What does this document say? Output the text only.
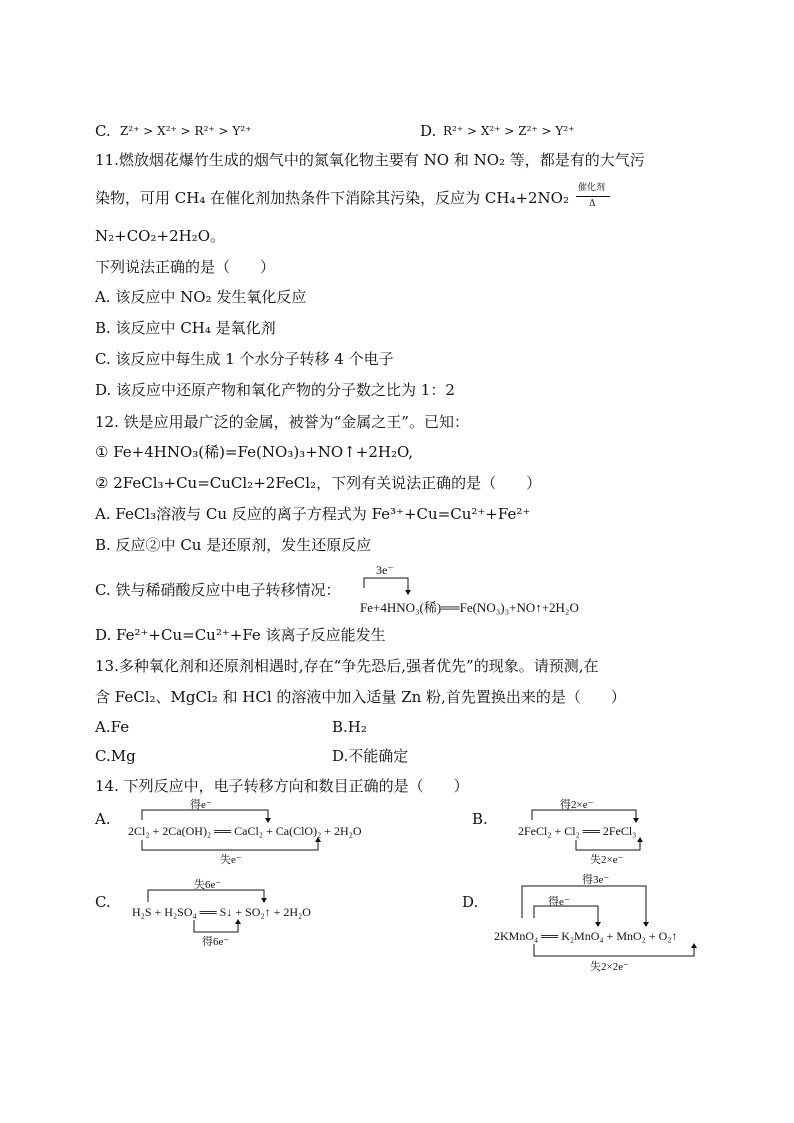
C. Z²⁺ > X²⁺ > R²⁺ > Y²⁺	D. R²⁺ > X²⁺ > Z²⁺ > Y²⁺
11.燃放烟花爆竹生成的烟气中的氮氧化物主要有 NO 和 NO₂ 等，都是有的大气污
染物，可用 CH₄ 在催化剂加热条件下消除其污染，反应为 CH₄+2NO₂
催化剂
Δ
N₂+CO₂+2H₂O。
下列说法正确的是（　　）
A. 该反应中 NO₂ 发生氧化反应
B. 该反应中 CH₄ 是氧化剂
C. 该反应中每生成 1 个水分子转移 4 个电子
D. 该反应中还原产物和氧化产物的分子数之比为 1：2
12. 铁是应用最广泛的金属，被誉为“金属之王”。已知：
① Fe+4HNO₃(稀)=Fe(NO₃)₃+NO↑+2H₂O,
② 2FeCl₃+Cu=CuCl₂+2FeCl₂，下列有关说法正确的是（　　）
A. FeCl₃溶液与 Cu 反应的离子方程式为 Fe³⁺+Cu=Cu²⁺+Fe²⁺
B. 反应②中 Cu 是还原剂，发生还原反应
C. 铁与稀硝酸反应中电子转移情况：
3e⁻
Fe+4HNO₃(稀)══Fe(NO₃)₃+NO↑+2H₂O
D. Fe²⁺+Cu=Cu²⁺+Fe 该离子反应能发生
13.多种氧化剂和还原剂相遇时,存在“争先恐后,强者优先”的现象。请预测,在
含 FeCl₂、MgCl₂ 和 HCl 的溶液中加入适量 Zn 粉,首先置换出来的是（　　）
A.Fe	B.H₂
C.Mg	D.不能确定
14. 下列反应中，电子转移方向和数目正确的是（　　）
A.
得e⁻
2Cl₂ + 2Ca(OH)₂ ══ CaCl₂ + Ca(ClO)₂ + 2H₂O
失e⁻
B.
得2×e⁻
2FeCl₂ + Cl₂ ══ 2FeCl₃
失2×e⁻
C.
失6e⁻
H₂S + H₂SO₄ ══ S↓ + SO₂↑ + 2H₂O
得6e⁻
D.
得3e⁻
得e⁻
2KMnO₄ ══ K₂MnO₄ + MnO₂ + O₂↑
失2×2e⁻
